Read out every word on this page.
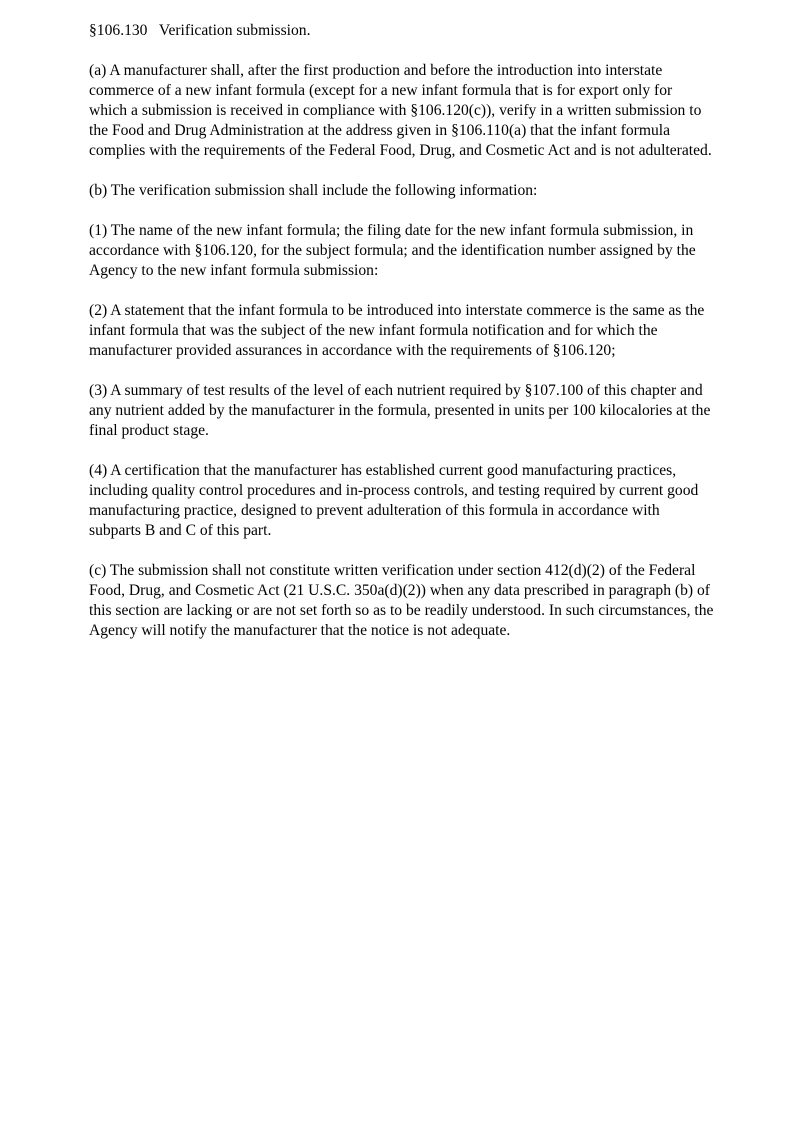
§106.130 Verification submission.

(a) A manufacturer shall, after the first production and before the introduction into interstate commerce of a new infant formula (except for a new infant formula that is for export only for which a submission is received in compliance with §106.120(c)), verify in a written submission to the Food and Drug Administration at the address given in §106.110(a) that the infant formula complies with the requirements of the Federal Food, Drug, and Cosmetic Act and is not adulterated.

(b) The verification submission shall include the following information:

(1) The name of the new infant formula; the filing date for the new infant formula submission, in accordance with §106.120, for the subject formula; and the identification number assigned by the Agency to the new infant formula submission:

(2) A statement that the infant formula to be introduced into interstate commerce is the same as the infant formula that was the subject of the new infant formula notification and for which the manufacturer provided assurances in accordance with the requirements of §106.120;

(3) A summary of test results of the level of each nutrient required by §107.100 of this chapter and any nutrient added by the manufacturer in the formula, presented in units per 100 kilocalories at the final product stage.

(4) A certification that the manufacturer has established current good manufacturing practices, including quality control procedures and in-process controls, and testing required by current good manufacturing practice, designed to prevent adulteration of this formula in accordance with subparts B and C of this part.

(c) The submission shall not constitute written verification under section 412(d)(2) of the Federal Food, Drug, and Cosmetic Act (21 U.S.C. 350a(d)(2)) when any data prescribed in paragraph (b) of this section are lacking or are not set forth so as to be readily understood. In such circumstances, the Agency will notify the manufacturer that the notice is not adequate.
